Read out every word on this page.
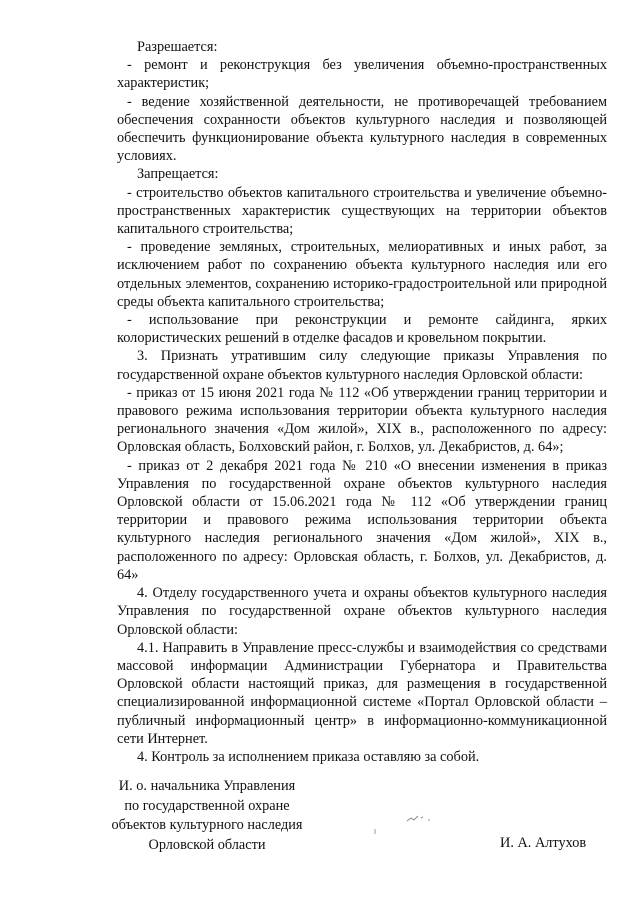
Разрешается:

- ремонт и реконструкция без увеличения объемно-пространственных характеристик;

- ведение хозяйственной деятельности, не противоречащей требованием обеспечения сохранности объектов культурного наследия и позволяющей обеспечить функционирование объекта культурного наследия в современных условиях.

Запрещается:

- строительство объектов капитального строительства и увеличение объемно-пространственных характеристик существующих на территории объектов капитального строительства;

- проведение земляных, строительных, мелиоративных и иных работ, за исключением работ по сохранению объекта культурного наследия или его отдельных элементов, сохранению историко-градостроительной или природной среды объекта капитального строительства;

- использование при реконструкции и ремонте сайдинга, ярких колористических решений в отделке фасадов и кровельном покрытии.

3. Признать утратившим силу следующие приказы Управления по государственной охране объектов культурного наследия Орловской области:

- приказ от 15 июня 2021 года № 112 «Об утверждении границ территории и правового режима использования территории объекта культурного наследия регионального значения «Дом жилой», XIX в., расположенного по адресу: Орловская область, Болховский район, г. Болхов, ул. Декабристов, д. 64»;

- приказ от 2 декабря 2021 года № 210 «О внесении изменения в приказ Управления по государственной охране объектов культурного наследия Орловской области от 15.06.2021 года № 112 «Об утверждении границ территории и правового режима использования территории объекта культурного наследия регионального значения «Дом жилой», XIX в., расположенного по адресу: Орловская область, г. Болхов, ул. Декабристов, д. 64»

4. Отделу государственного учета и охраны объектов культурного наследия Управления по государственной охране объектов культурного наследия Орловской области:

4.1. Направить в Управление пресс-службы и взаимодействия со средствами массовой информации Администрации Губернатора и Правительства Орловской области настоящий приказ, для размещения в государственной специализированной информационной системе «Портал Орловской области – публичный информационный центр» в информационно-коммуникационной сети Интернет.

4. Контроль за исполнением приказа оставляю за собой.

И. о. начальника Управления
по государственной охране
объектов культурного наследия
Орловской области	И. А. Алтухов
